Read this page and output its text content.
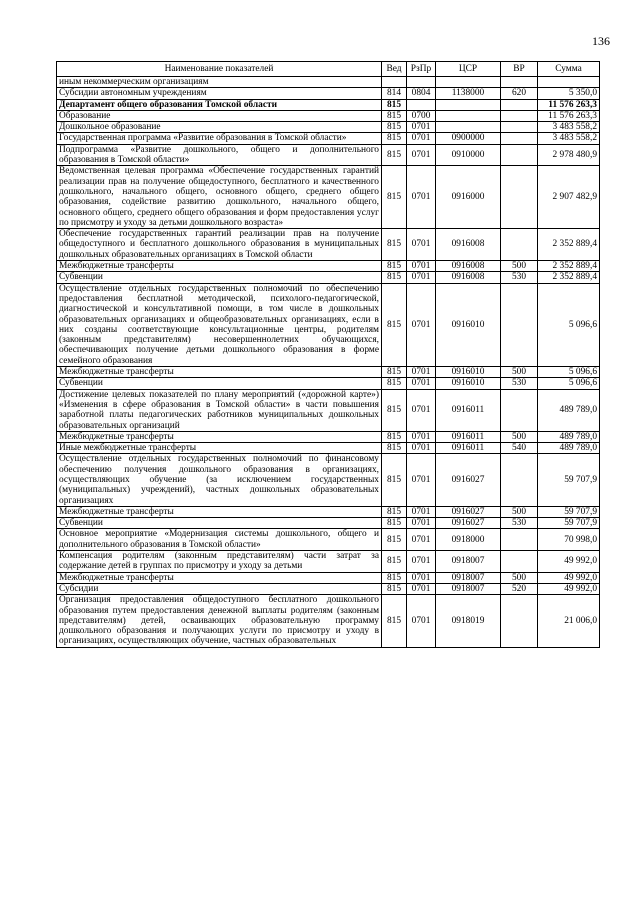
136
Наименование показателей	Вед	РзПр	ЦСР	ВР	Сумма
иным некоммерческим организациям					
Субсидии автономным учреждениям	814	0804	1138000	620	5 350,0
Департамент общего образования Томской области	815				11 576 263,3
Образование	815	0700			11 576 263,3
Дошкольное образование	815	0701			3 483 558,2
Государственная программа «Развитие образования в Томской области»	815	0701	0900000		3 483 558,2
Подпрограмма «Развитие дошкольного, общего и дополнительного образования в Томской области»	815	0701	0910000		2 978 480,9
Ведомственная целевая программа «Обеспечение государственных гарантий реализации прав на получение общедоступного, бесплатного и качественного дошкольного, начального общего, основного общего, среднего общего образования, содействие развитию дошкольного, начального общего, основного общего, среднего общего образования и форм предоставления услуг по присмотру и уходу за детьми дошкольного возраста»	815	0701	0916000		2 907 482,9
Обеспечение государственных гарантий реализации прав на получение общедоступного и бесплатного дошкольного образования в муниципальных дошкольных образовательных организациях в Томской области	815	0701	0916008		2 352 889,4
Межбюджетные трансферты	815	0701	0916008	500	2 352 889,4
Субвенции	815	0701	0916008	530	2 352 889,4
Осуществление отдельных государственных полномочий по обеспечению предоставления бесплатной методической, психолого-педагогической, диагностической и консультативной помощи, в том числе в дошкольных образовательных организациях и общеобразовательных организациях, если в них созданы соответствующие консультационные центры, родителям (законным представителям) несовершеннолетних обучающихся, обеспечивающих получение детьми дошкольного образования в форме семейного образования	815	0701	0916010		5 096,6
Межбюджетные трансферты	815	0701	0916010	500	5 096,6
Субвенции	815	0701	0916010	530	5 096,6
Достижение целевых показателей по плану мероприятий («дорожной карте») «Изменения в сфере образования в Томской области» в части повышения заработной платы педагогических работников муниципальных дошкольных образовательных организаций	815	0701	0916011		489 789,0
Межбюджетные трансферты	815	0701	0916011	500	489 789,0
Иные межбюджетные трансферты	815	0701	0916011	540	489 789,0
Осуществление отдельных государственных полномочий по финансовому обеспечению получения дошкольного образования в организациях, осуществляющих обучение (за исключением государственных (муниципальных) учреждений), частных дошкольных образовательных организациях	815	0701	0916027		59 707,9
Межбюджетные трансферты	815	0701	0916027	500	59 707,9
Субвенции	815	0701	0916027	530	59 707,9
Основное мероприятие «Модернизация системы дошкольного, общего и дополнительного образования в Томской области»	815	0701	0918000		70 998,0
Компенсация родителям (законным представителям) части затрат за содержание детей в группах по присмотру и уходу за детьми	815	0701	0918007		49 992,0
Межбюджетные трансферты	815	0701	0918007	500	49 992,0
Субсидии	815	0701	0918007	520	49 992,0
Организация предоставления общедоступного бесплатного дошкольного образования путем предоставления денежной выплаты родителям (законным представителям) детей, осваивающих образовательную программу дошкольного образования и получающих услуги по присмотру и уходу в организациях, осуществляющих обучение, частных образовательных	815	0701	0918019		21 006,0
